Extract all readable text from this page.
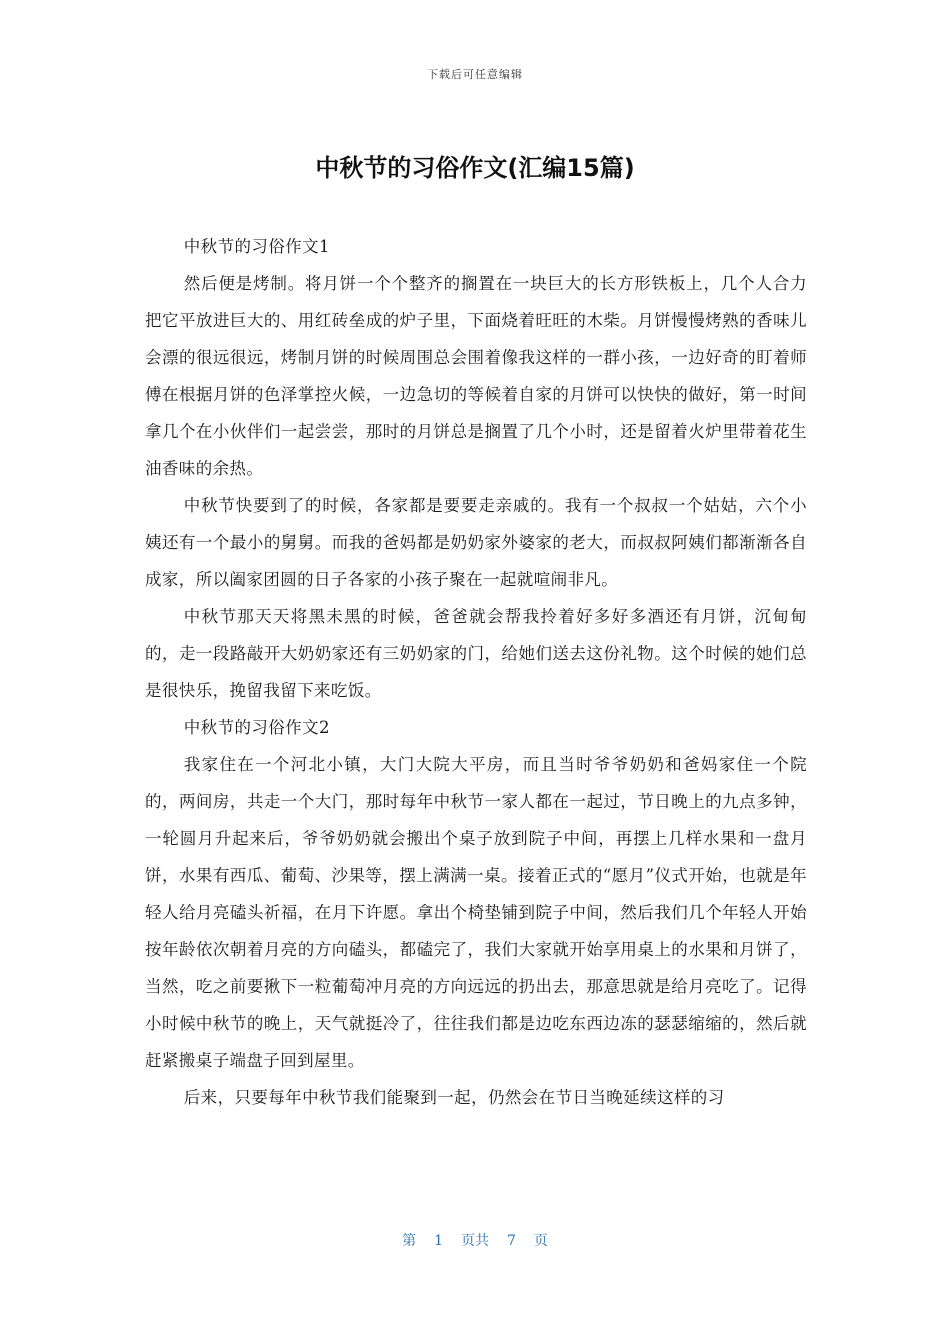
下载后可任意编辑
中秋节的习俗作文(汇编15篇)

中秋节的习俗作文1

然后便是烤制。将月饼一个个整齐的搁置在一块巨大的长方形铁板上，几个人合力把它平放进巨大的、用红砖垒成的炉子里，下面烧着旺旺的木柴。月饼慢慢烤熟的香味儿会漂的很远很远，烤制月饼的时候周围总会围着像我这样的一群小孩，一边好奇的盯着师傅在根据月饼的色泽掌控火候，一边急切的等候着自家的月饼可以快快的做好，第一时间拿几个在小伙伴们一起尝尝，那时的月饼总是搁置了几个小时，还是留着火炉里带着花生油香味的余热。

中秋节快要到了的时候，各家都是要要走亲戚的。我有一个叔叔一个姑姑，六个小姨还有一个最小的舅舅。而我的爸妈都是奶奶家外婆家的老大，而叔叔阿姨们都渐渐各自成家，所以阖家团圆的日子各家的小孩子聚在一起就喧闹非凡。

中秋节那天天将黑未黑的时候，爸爸就会帮我拎着好多好多酒还有月饼，沉甸甸的，走一段路敲开大奶奶家还有三奶奶家的门，给她们送去这份礼物。这个时候的她们总是很快乐，挽留我留下来吃饭。

中秋节的习俗作文2

我家住在一个河北小镇，大门大院大平房，而且当时爷爷奶奶和爸妈家住一个院的，两间房，共走一个大门，那时每年中秋节一家人都在一起过，节日晚上的九点多钟，一轮圆月升起来后，爷爷奶奶就会搬出个桌子放到院子中间，再摆上几样水果和一盘月饼，水果有西瓜、葡萄、沙果等，摆上满满一桌。接着正式的“愿月”仪式开始，也就是年轻人给月亮磕头祈福，在月下许愿。拿出个椅垫铺到院子中间，然后我们几个年轻人开始按年龄依次朝着月亮的方向磕头，都磕完了，我们大家就开始享用桌上的水果和月饼了，当然，吃之前要揪下一粒葡萄冲月亮的方向远远的扔出去，那意思就是给月亮吃了。记得小时候中秋节的晚上，天气就挺冷了，往往我们都是边吃东西边冻的瑟瑟缩缩的，然后就赶紧搬桌子端盘子回到屋里。

后来，只要每年中秋节我们能聚到一起，仍然会在节日当晚延续这样的习

第 1 页共 7 页
